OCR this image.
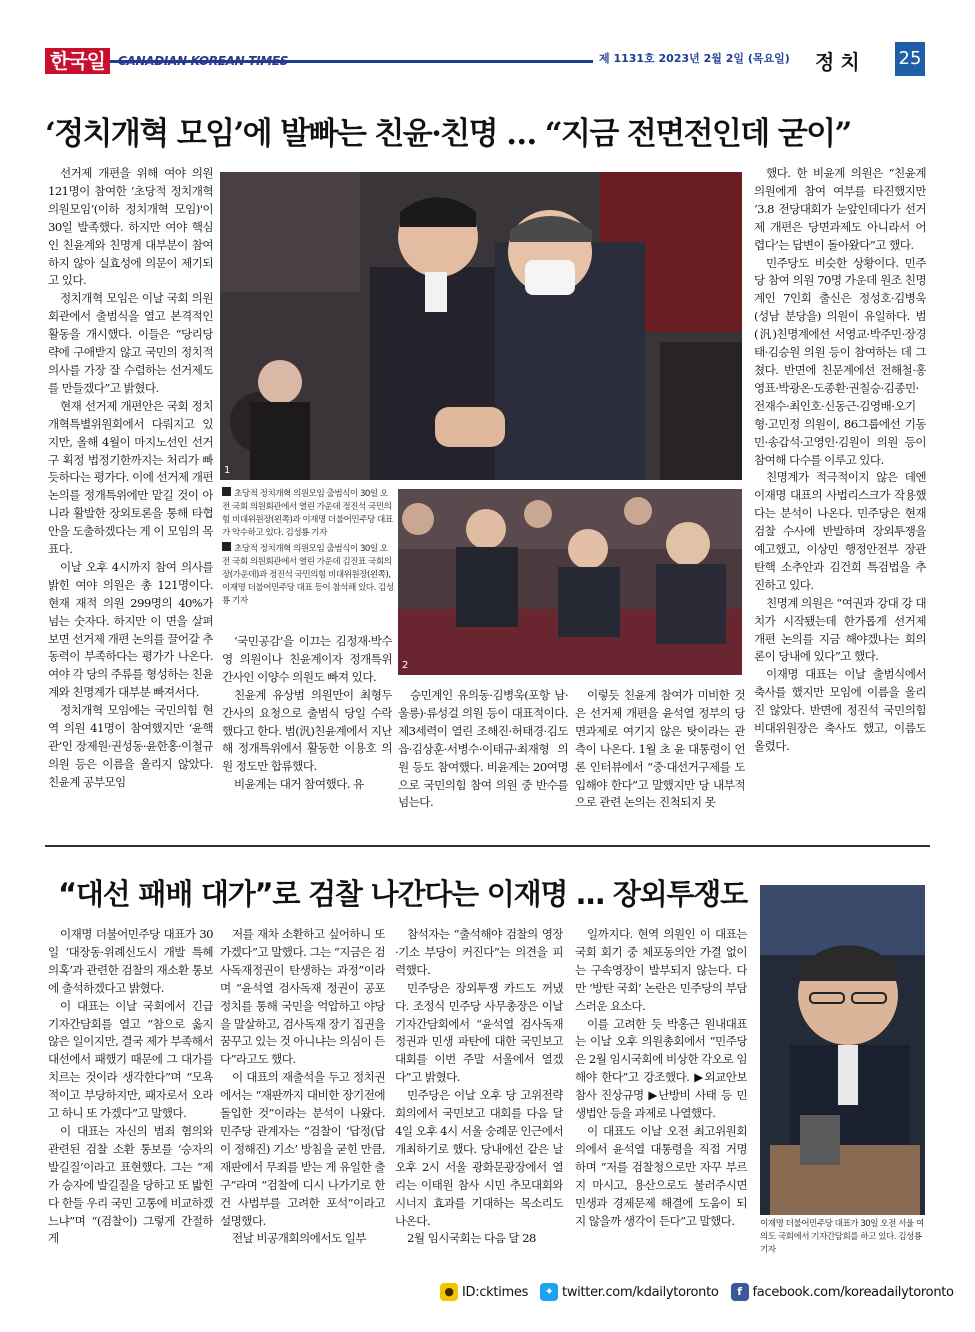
한국일	CANADIAN KOREAN TIMES	제 1131호 2023년 2월 2일 (목요일)	정치 25
‘정치개혁 모임’에 발빠는 친윤·친명 … “지금 전면전인데 굳이”

선거제 개편을 위해 여야 의원 121명이 참여한 ‘초당적 정치개혁 의원모임’(이하 정치개혁 모임)'이 30일 발족했다. 하지만 여야 핵심인 친윤계와 친명계 대부분이 참여하지 않아 실효성에 의문이 제기되고 있다.

정치개혁 모임은 이날 국회 의원회관에서 출범식을 열고 본격적인 활동을 개시했다. 이들은 “당리당략에 구애받지 않고 국민의 정치적 의사를 가장 잘 수렴하는 선거제도를 만들겠다”고 밝혔다.

현재 선거제 개편안은 국회 정치개혁특별위원회에서 다뤄지고 있지만, 올해 4월이 마지노선인 선거구 획정 법정기한까지는 처리가 빠듯하다는 평가다. 이에 선거제 개편 논의를 정개특위에만 맡길 것이 아니라 활발한 장외토론을 통해 타협안을 도출하겠다는 게 이 모임의 목표다.

이날 오후 4시까지 참여 의사를 밝힌 여야 의원은 총 121명이다. 현재 재적 의원 299명의 40%가 넘는 숫자다. 하지만 이 면을 살펴보면 선거제 개편 논의를 끌어갈 추동력이 부족하다는 평가가 나온다. 여야 각 당의 주류를 형성하는 친윤계와 친명계가 대부분 빠져서다.

정치개혁 모임에는 국민의힘 현역 의원 41명이 참여했지만 ‘윤핵관’인 장제원·권성동·윤한홍·이철규 의원 등은 이름을 올리지 않았다. 친윤계 공부모임

1
초당적 정치개혁 의원모임 출범식이 30일 오전 국회 의원회관에서 열린 가운데 정진석 국민의힘 비대위원장(왼쪽)과 이재명 더불어민주당 대표가 악수하고 있다. 김성룡 기자
초당적 정치개혁 의원모임 출범식이 30일 오전 국회 의원회관에서 열린 가운데 김진표 국회의장(가운데)과 정진석 국민의힘 비대위원장(왼쪽), 이재명 더불어민주당 대표 등이 참석해 있다. 김성룡 기자

‘국민공감’을 이끄는 김정재·박수영 의원이나 친윤계이자 정개특위 간사인 이양수 의원도 빠져 있다.

친윤계 유상범 의원만이 최형두 간사의 요청으로 출범식 당일 수락했다고 한다. 범(汎)친윤계에서 지난해 정개특위에서 활동한 이용호 의원 정도만 합류했다.

비윤계는 대거 참여했다. 유

2

승민계인 유의동·김병욱(포항 남·울릉)·류성걸 의원 등이 대표적이다. 제3세력이 열린 조해진·허태경·김도읍·김상훈·서병수·이태규·최재형 의원 등도 참여했다. 비윤계는 20여명으로 국민의힘 참여 의원 중 반수를 넘는다.

이렇듯 친윤계 참여가 미비한 것은 선거제 개편을 윤석열 정부의 당면과제로 여기지 않은 탓이라는 관측이 나온다. 1월 초 윤 대통령이 언론 인터뷰에서 “중·대선거구제를 도입해야 한다”고 말했지만 당 내부적으로 관련 논의는 진척되지 못

했다. 한 비윤계 의원은 “친윤계 의원에게 참여 여부를 타진했지만 ‘3.8 전당대회가 눈앞인데다가 선거제 개편은 당면과제도 아니라서 어렵다’는 답변이 돌아왔다”고 했다.

민주당도 비슷한 상황이다. 민주당 참여 의원 70명 가운데 원조 친명계인 7인회 출신은 정성호·김병욱(성남 분당을) 의원이 유일하다. 범(汎)친명계에선 서영교·박주민·장경태·김승원 의원 등이 참여하는 데 그쳤다. 반면에 친문계에선 전해철·홍영표·박광온·도종환·권칠승·김종민·전재수·최인호·신동근·김영배·오기형·고민정 의원이, 86그룹에선 기동민·송갑석·고영인·김원이 의원 등이 참여해 다수를 이루고 있다.

친명계가 적극적이지 않은 데엔 이재명 대표의 사법리스크가 작용했다는 분석이 나온다. 민주당은 현재 검찰 수사에 반발하며 장외투쟁을 예고했고, 이상민 행정안전부 장관 탄핵 소추안과 김건희 특검법을 추진하고 있다.

친명계 의원은 “여권과 강대 강 대치가 시작됐는데 한가롭게 선거제 개편 논의를 지금 해야겠나는 회의론이 당내에 있다”고 했다.

이재명 대표는 이날 출범식에서 축사를 했지만 모임에 이름을 올리진 않았다. 반면에 정진석 국민의힘 비대위원장은 축사도 했고, 이름도 올렸다.

“대선 패배 대가”로 검찰 나간다는 이재명 … 장외투쟁도

이재명 더불어민주당 대표가 30일 ‘대장동·위례신도시 개발 특혜 의혹’과 관련한 검찰의 재소환 통보에 출석하겠다고 밝혔다.

이 대표는 이날 국회에서 긴급 기자간담회를 열고 “참으로 옳지 않은 일이지만, 결국 제가 부족해서 대선에서 패했기 때문에 그 대가를 치르는 것이라 생각한다”며 “모욕적이고 부당하지만, 패자로서 오라고 하니 또 가겠다”고 말했다.

이 대표는 자신의 범죄 혐의와 관련된 검찰 소환 통보를 ‘승자의 발길질’이라고 표현했다. 그는 “제가 승자에 발길질을 당하고 또 밟힌다 한들 우리 국민 고통에 비교하겠느냐”며 “(검찰이) 그렇게 간절하게

저를 재차 소환하고 싶어하니 또 가겠다”고 말했다. 그는 “지금은 검사독재정권이 탄생하는 과정”이라며 “윤석열 검사독재 정권이 공포정치를 통해 국민을 억압하고 야당을 말살하고, 검사독재 장기 집권을 꿈꾸고 있는 것 아니냐는 의심이 든다”라고도 했다.

이 대표의 재출석을 두고 정치권에서는 “재판까지 대비한 장기전에 돌입한 것”이라는 분석이 나왔다. 민주당 관계자는 “검찰이 ‘답정(답이 정해진) 기소’ 방침을 굳힌 만큼, 재판에서 무죄를 받는 게 유일한 출구”라며 “검찰에 디시 나가기로 한 건 사법부를 고려한 포석”이라고 설명했다.

전날 비공개회의에서도 일부

참석자는 “출석해야 검찰의 영장·기소 부당이 커진다”는 의견을 피력했다.

민주당은 장외투쟁 카드도 꺼냈다. 조정식 민주당 사무총장은 이날 기자간담회에서 “윤석열 검사독재정권과 민생 파탄에 대한 국민보고 대회를 이번 주말 서울에서 열겠다”고 밝혔다.

민주당은 이날 오후 당 고위전략회의에서 국민보고 대회를 다음 달 4일 오후 4시 서울 숭례문 인근에서 개최하기로 했다. 당내에선 같은 날 오후 2시 서울 광화문광장에서 열리는 이태원 참사 시민 추모대회와 시너지 효과를 기대하는 목소리도 나온다.

2월 임시국회는 다음 달 28

일까지다. 현역 의원인 이 대표는 국회 회기 중 체포동의안 가결 없이는 구속영장이 발부되지 않는다. 다만 ‘방탄 국회’ 논란은 민주당의 부담스러운 요소다.

이를 고려한 듯 박홍근 원내대표는 이날 오후 의원총회에서 “민주당은 2월 임시국회에 비상한 각오로 임해야 한다”고 강조했다. ▶외교안보참사 진상규명 ▶난방비 사태 등 민생법안 등을 과제로 나열했다.

이 대표도 이날 오전 최고위원회의에서 윤석열 대통령을 직접 거명하며 “저를 검찰청으로만 자꾸 부르지 마시고, 용산으로도 불러주시면 민생과 경제문제 해결에 도움이 되지 않을까 생각이 든다”고 말했다.	이재명 더불어민주당 대표가 30일 오전 서울 여의도 국회에서 기자간담회를 하고 있다. 김성룡 기자
● ID:cktimes	✦ twitter.com/kdailytoronto	f facebook.com/koreadailytoronto
